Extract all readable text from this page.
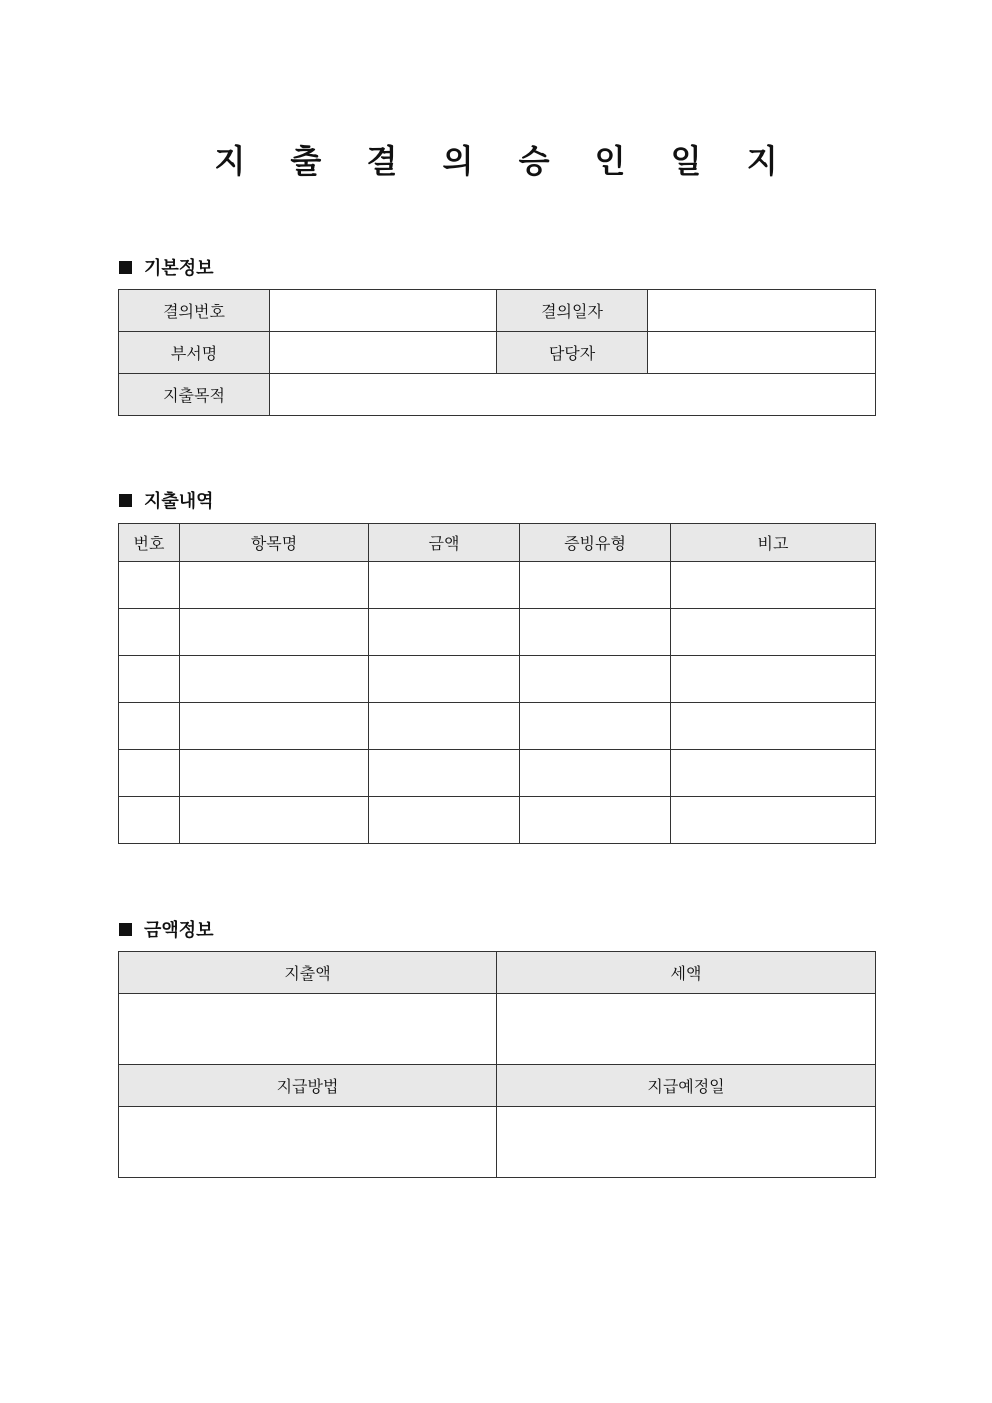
지 출 결 의 승 인 일 지
기본정보
결의번호		결의일자	
부서명		담당자	
지출목적			
지출내역
번호	항목명	금액	증빙유형	비고

금액정보
지출액	세액

지급방법	지급예정일
